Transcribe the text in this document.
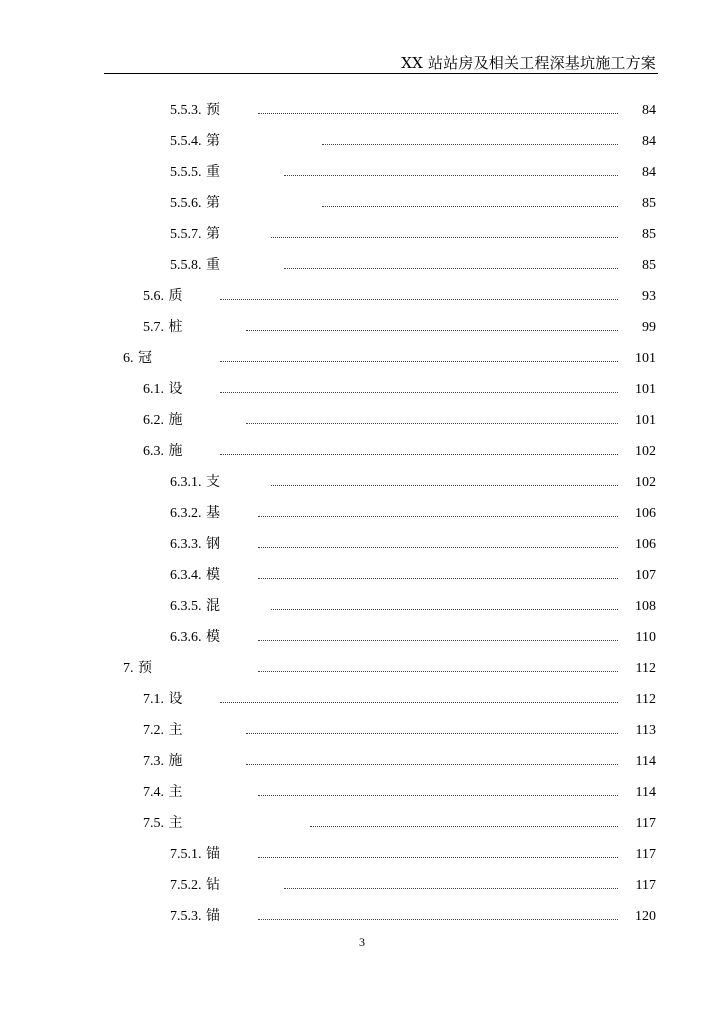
XX 站站房及相关工程深基坑施工方案
5.5.3. 预	84
5.5.4. 第	84
5.5.5. 重	84
5.5.6. 第	85
5.5.7. 第	85
5.5.8. 重	85
5.6. 质	93
5.7. 桩	99
6. 冠	101
6.1. 设	101
6.2. 施	101
6.3. 施	102
6.3.1. 支	102
6.3.2. 基	106
6.3.3. 钢	106
6.3.4. 模	107
6.3.5. 混	108
6.3.6. 模	110
7. 预	112
7.1. 设	112
7.2. 主	113
7.3. 施	114
7.4. 主	114
7.5. 主	117
7.5.1. 锚	117
7.5.2. 钻	117
7.5.3. 锚	120
3
